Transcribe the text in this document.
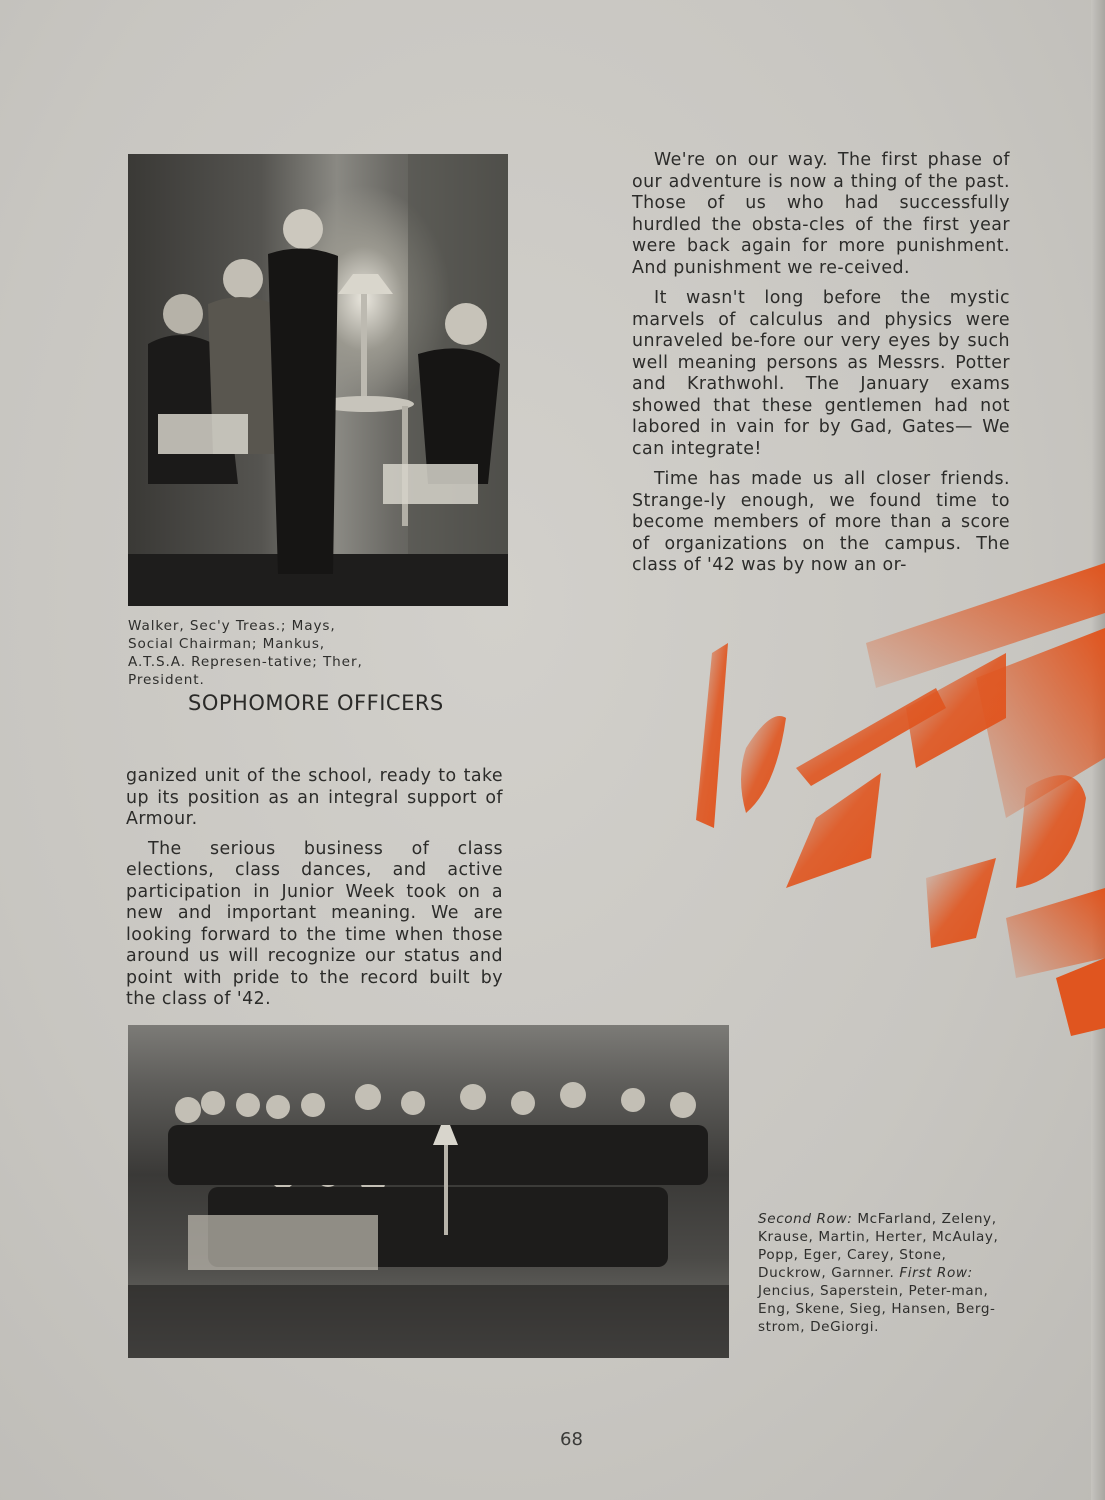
Walker, Sec'y Treas.; Mays, Social Chairman; Mankus, A.T.S.A. Represen-tative; Ther, President.

SOPHOMORE OFFICERS

We're on our way. The first phase of our adventure is now a thing of the past. Those of us who had successfully hurdled the obsta-cles of the first year were back again for more punishment. And punishment we re-ceived.

It wasn't long before the mystic marvels of calculus and physics were unraveled be-fore our very eyes by such well meaning persons as Messrs. Potter and Krathwohl. The January exams showed that these gentlemen had not labored in vain for by Gad, Gates— We can integrate!

Time has made us all closer friends. Strange-ly enough, we found time to become members of more than a score of organizations on the campus. The class of '42 was by now an or-

ganized unit of the school, ready to take up its position as an integral support of Armour.

The serious business of class elections, class dances, and active participation in Junior Week took on a new and important meaning. We are looking forward to the time when those around us will recognize our status and point with pride to the record built by the class of '42.

Second Row: McFarland, Zeleny, Krause, Martin, Herter, McAulay, Popp, Eger, Carey, Stone, Duckrow, Garnner. First Row: Jencius, Saperstein, Peter-man, Eng, Skene, Sieg, Hansen, Berg-strom, DeGiorgi.
68
